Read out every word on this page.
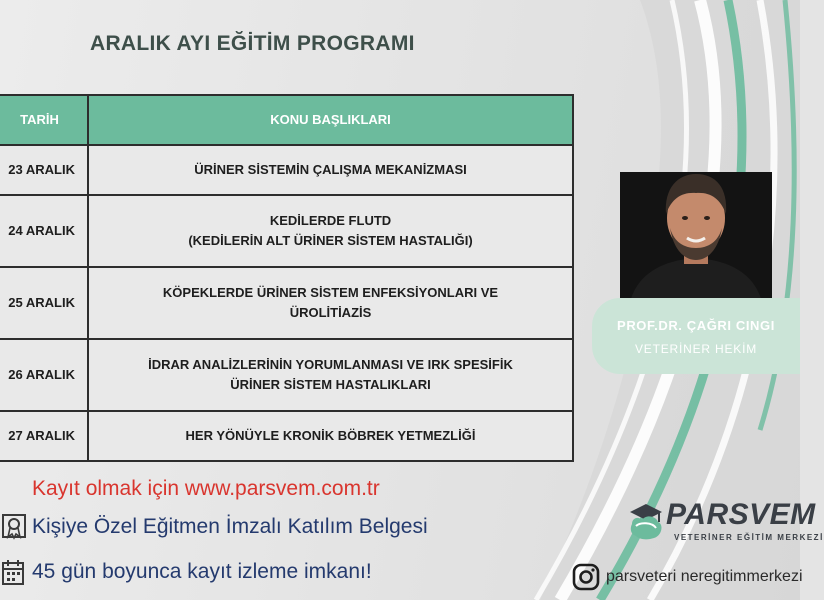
ARALIK AYI EĞİTİM PROGRAMI
TARİH	KONU BAŞLIKLARI
23 ARALIK	ÜRİNER SİSTEMİN ÇALIŞMA MEKANİZMASI

24 ARALIK	KEDİLERDE FLUTD
(KEDİLERİN ALT ÜRİNER SİSTEM HASTALIĞI)

25 ARALIK	KÖPEKLERDE ÜRİNER SİSTEM ENFEKSİYONLARI VE
ÜROLİTİAZİS

26 ARALIK	İDRAR ANALİZLERİNİN YORUMLANMASI VE IRK SPESİFİK
ÜRİNER SİSTEM HASTALIKLARI

27 ARALIK	HER YÖNÜYLE KRONİK BÖBREK YETMEZLİĞİ
PROF.DR. ÇAĞRI CINGI
VETERİNER HEKİM
Kayıt olmak için www.parsvem.com.tr
Kişiye Özel Eğitmen İmzalı Katılım Belgesi
45 gün boyunca kayıt izleme imkanı!
PARSVEM
VETERİNER EĞİTİM MERKEZİ
parsveteri neregitimmerkezi
